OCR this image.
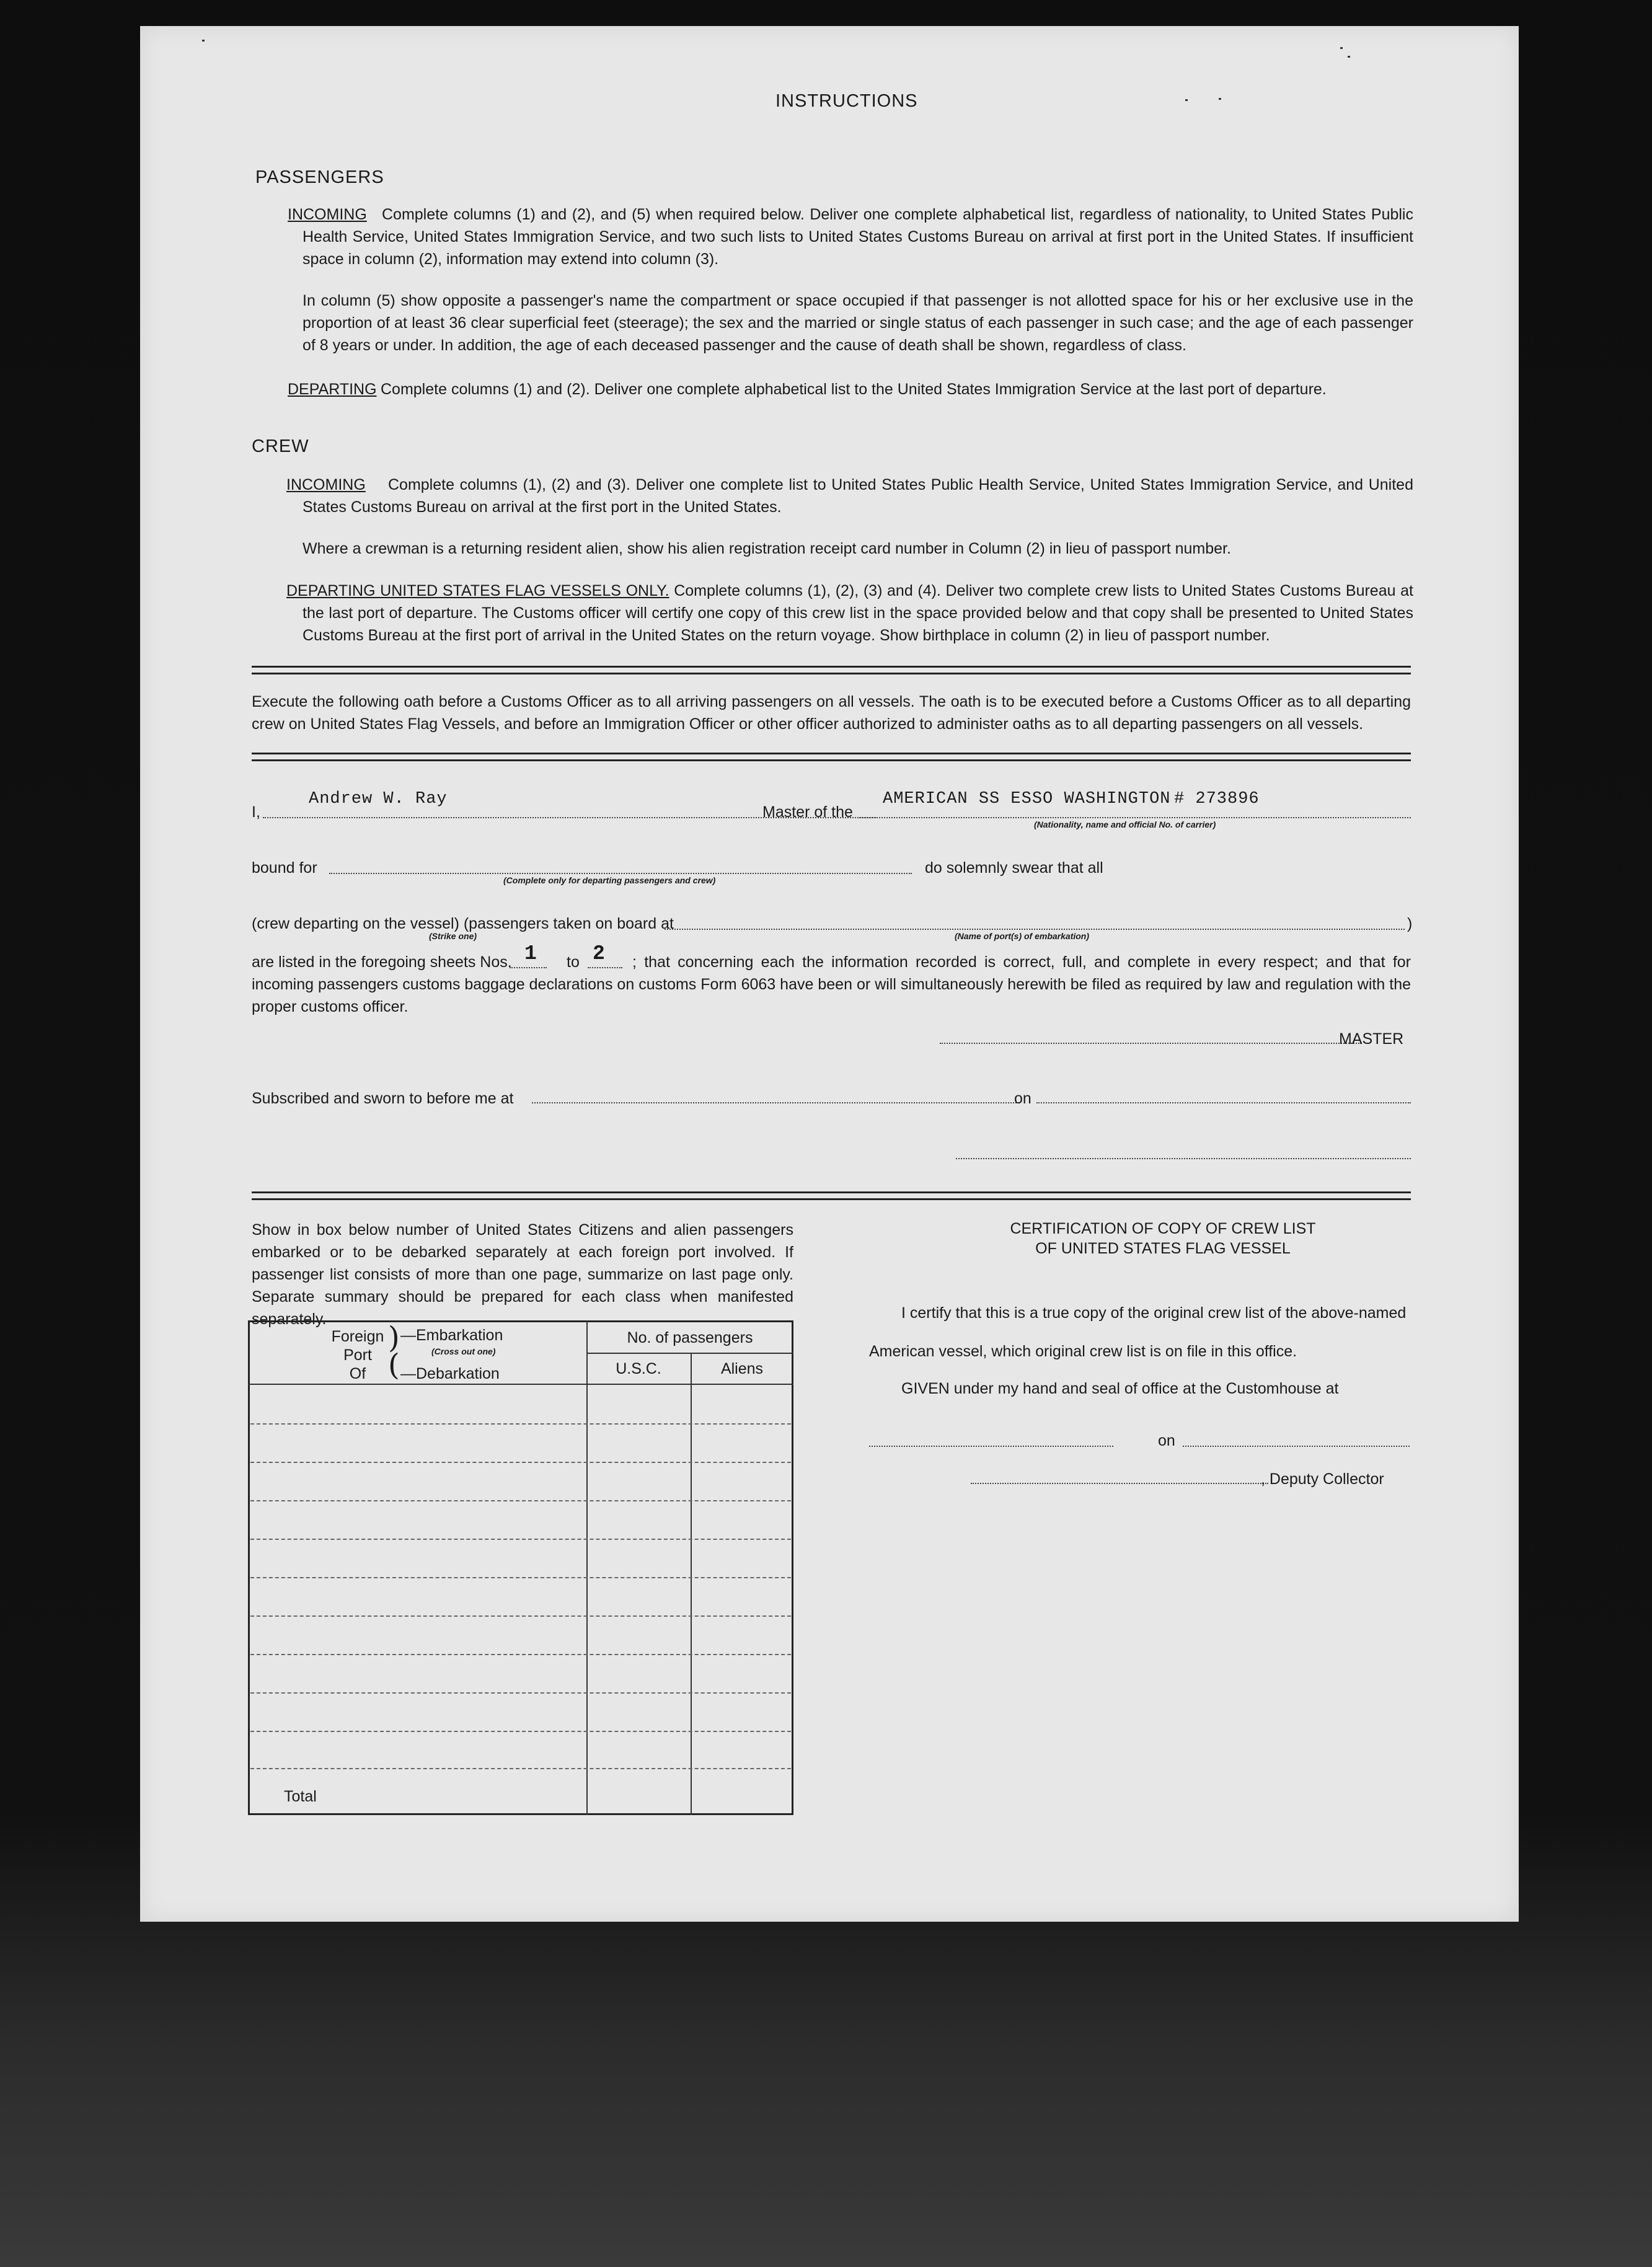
INSTRUCTIONS
PASSENGERS
INCOMING Complete columns (1) and (2), and (5) when required below. Deliver one complete alphabetical list, regardless of nationality, to United States Public Health Service, United States Immigration Service, and two such lists to United States Customs Bureau on arrival at first port in the United States. If insufficient space in column (2), information may extend into column (3).
In column (5) show opposite a passenger's name the compartment or space occupied if that passenger is not allotted space for his or her exclusive use in the proportion of at least 36 clear superficial feet (steerage); the sex and the married or single status of each passenger in such case; and the age of each passenger of 8 years or under. In addition, the age of each deceased passenger and the cause of death shall be shown, regardless of class.
DEPARTING Complete columns (1) and (2). Deliver one complete alphabetical list to the United States Immigration Service at the last port of departure.
CREW
INCOMING	Complete columns (1), (2) and (3). Deliver one complete list to United States Public Health Service, United States Immigration Service, and United States Customs Bureau on arrival at the first port in the United States.
Where a crewman is a returning resident alien, show his alien registration receipt card number in Column (2) in lieu of passport number.
DEPARTING UNITED STATES FLAG VESSELS ONLY. Complete columns (1), (2), (3) and (4). Deliver two complete crew lists to United States Customs Bureau at the last port of departure. The Customs officer will certify one copy of this crew list in the space provided below and that copy shall be presented to United States Customs Bureau at the first port of arrival in the United States on the return voyage. Show birthplace in column (2) in lieu of passport number.
Execute the following oath before a Customs Officer as to all arriving passengers on all vessels. The oath is to be executed before a Customs Officer as to all departing crew on United States Flag Vessels, and before an Immigration Officer or other officer authorized to administer oaths as to all departing passengers on all vessels.
I,
Andrew W. Ray
Master of the
AMERICAN SS ESSO WASHINGTON # 273896
(Nationality, name and official No. of carrier)
bound for
(Complete only for departing passengers and crew)
do solemnly swear that all
(crew departing on the vessel) (passengers taken on board at	)
(Strike one)	(Name of port(s) of embarkation)
are listed in the foregoing sheets Nos. 1 to 2	; that concerning each the information recorded is correct, full, and complete in every respect; and that for incoming passengers customs baggage declarations on customs Form 6063 have been or will simultaneously herewith be filed as required by law and regulation with the proper customs officer.
MASTER
Subscribed and sworn to before me at	on
Show in box below number of United States Citizens and alien passengers embarked or to be debarked separately at each foreign port involved. If passenger list consists of more than one page, summarize on last page only. Separate summary should be prepared for each class when manifested separately.
Foreign
Port
Of
)
(
—Embarkation
(Cross out one)
—Debarkation
No. of passengers
U.S.C.	Aliens
Total
CERTIFICATION OF COPY OF CREW LIST
OF UNITED STATES FLAG VESSEL
I certify that this is a true copy of the original crew list of the above-named
American vessel, which original crew list is on file in this office.
GIVEN under my hand and seal of office at the Customhouse at
on
, Deputy Collector
